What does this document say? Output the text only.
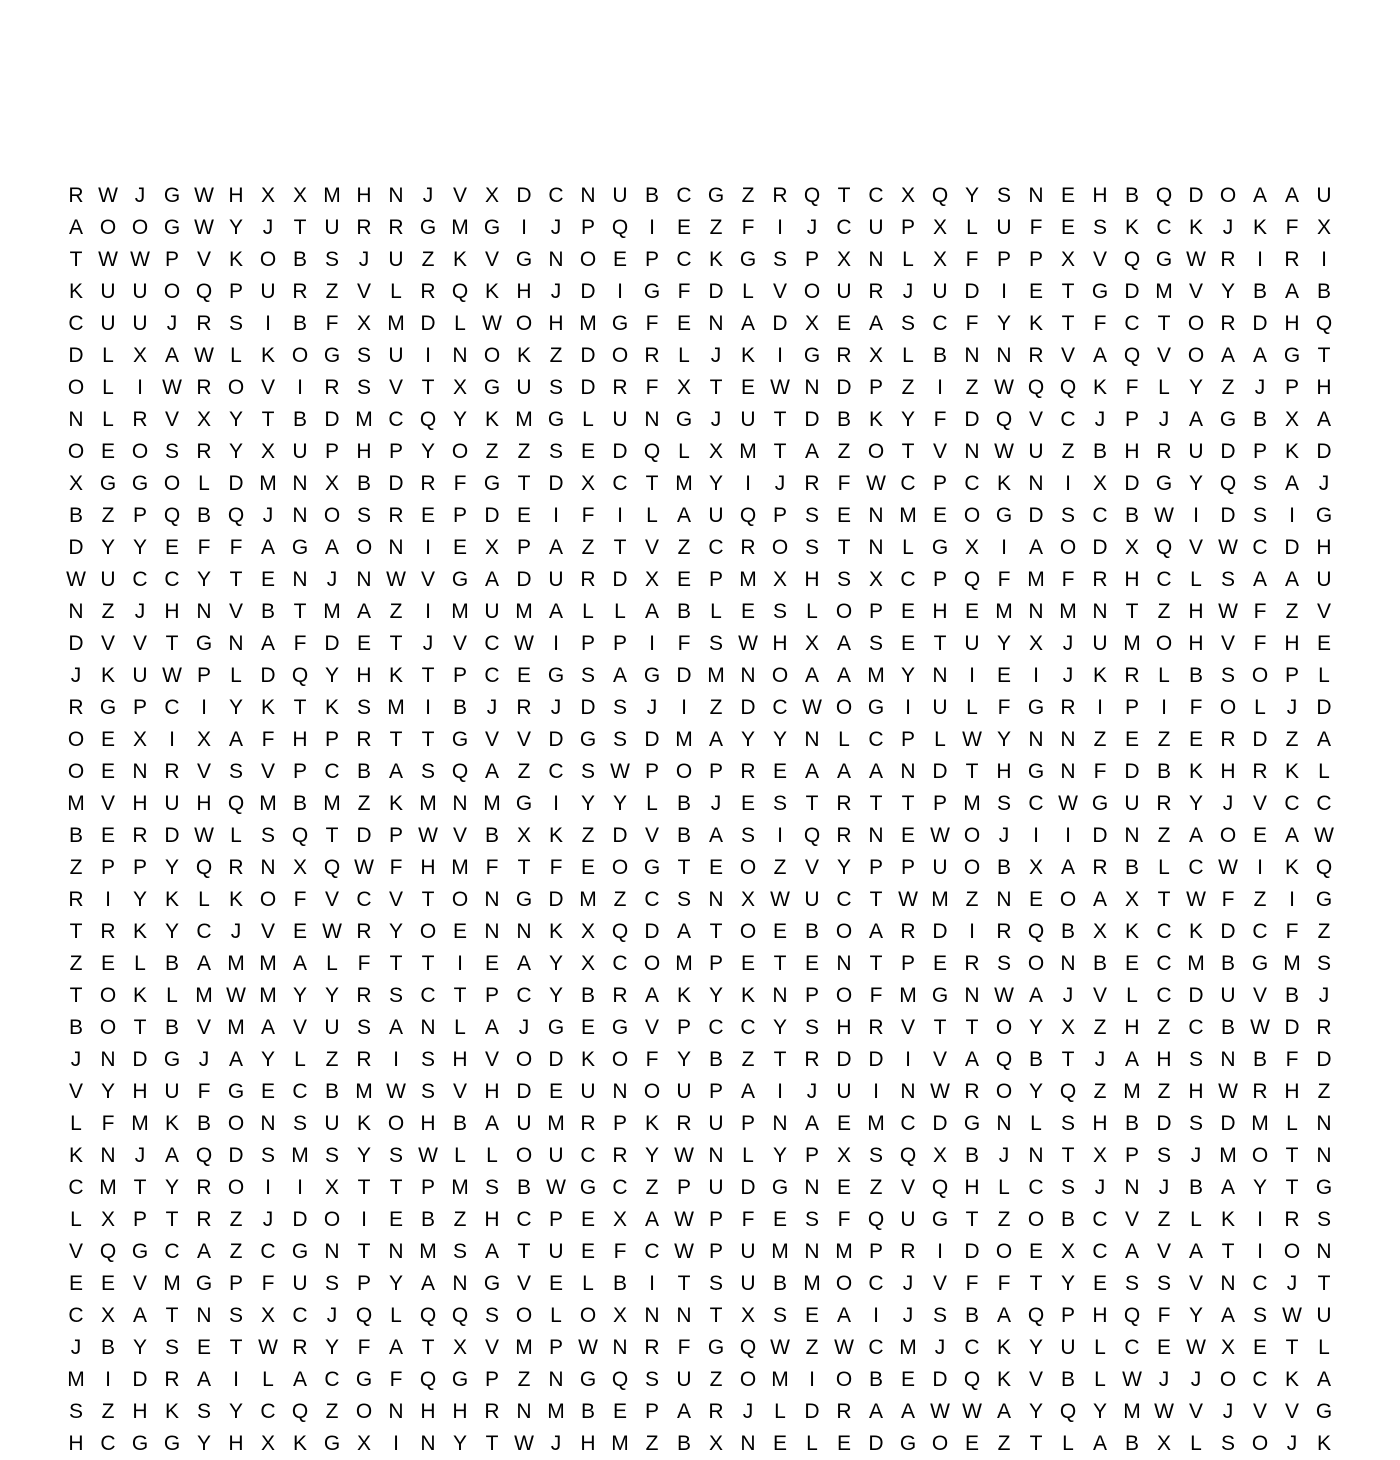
R W J G W H X X M H N J V X D C N U B C G Z R Q T C X Q Y S N E H B Q D O A A U
A O O G W Y J T U R R G M G I	J P Q I	E Z F	I	J C U P X L U F E S K C K J K F X
T W W P V K O B S J U Z K V G N O E P C K G S P X N L X F P P X V Q G W R	I	R	I
K U U O Q P U R Z V L R Q K H J D	I G F D L V O U R J U D	I	E T G D M V Y B A B
C U U J R S	I	B F X M D L W O H M G F E N A D X E A S C F Y K T F C T O R D H Q
D L X A W L K O G S U	I	N O K Z D O R L J K	I G R X L B N N R V A Q V O A A G T
O L	I W R O V	I	R S V T X G U S D R F X T E W N D P Z	I	Z W Q Q K F L Y Z J P H
N L R V X Y T B D M C Q Y K M G L U N G J U T D B K Y F D Q V C J P J A G B X A
O E O S R Y X U P H P Y O Z Z S E D Q L X M T A Z O T V N W U Z B H R U D P K D
X G G O L D M N X B D R F G T D X C T M Y	I	J R F W C P C K N	I	X D G Y Q S A J
B Z P Q B Q J N O S R E P D E	I	F	I	L A U Q P S E N M E O G D S C B W I	D S	I G
D Y Y E F F A G A O N	I	E X P A Z T V Z C R O S T N L G X	I	A O D X Q V W C D H
W U C C Y T E N J N W V G A D U R D X E P M X H S X C P Q F M F R H C L S A A U
N Z J H N V B T M A Z	I M U M A L L A B L E S L O P E H E M N M N T Z H W F Z V
D V V T G N A F D E T J V C W I	P P	I	F S W H X A S E T U Y X J U M O H V F H E
J K U W P L D Q Y H K T P C E G S A G D M N O A A M Y N	I	E	I	J K R L B S O P L
R G P C	I	Y K T K S M I	B J R J D S J	I	Z D C W O G I	U L F G R	I	P	I	F O L J D
O E X	I	X A F H P R T T G V V D G S D M A Y Y N L C P L W Y N N Z E Z E R D Z A
O E N R V S V P C B A S Q A Z C S W P O P R E A A A N D T H G N F D B K H R K L
M V H U H Q M B M Z K M N M G I	Y Y L B J E S T R T T P M S C W G U R Y J V C C
B E R D W L S Q T D P W V B X K Z D V B A S	I Q R N E W O J	I	I	D N Z A O E A W
Z P P Y Q R N X Q W F H M F T F E O G T E O Z V Y P P U O B X A R B L C W I	K Q
R	I	Y K L K O F V C V T O N G D M Z C S N X W U C T W M Z N E O A X T W F Z	I G
T R K Y C J V E W R Y O E N N K X Q D A T O E B O A R D	I	R Q B X K C K D C F Z
Z E L B A M M A L F T T	I	E A Y X C O M P E T E N T P E R S O N B E C M B G M S
T O K L M W M Y Y R S C T P C Y B R A K Y K N P O F M G N W A J V L C D U V B J
B O T B V M A V U S A N L A J G E G V P C C Y S H R V T T O Y X Z H Z C B W D R
J N D G J A Y L Z R	I	S H V O D K O F Y B Z T R D D	I	V A Q B T J A H S N B F D
V Y H U F G E C B M W S V H D E U N O U P A	I	J U	I	N W R O Y Q Z M Z H W R H Z
L F M K B O N S U K O H B A U M R P K R U P N A E M C D G N L S H B D S D M L N
K N J A Q D S M S Y S W L L O U C R Y W N L Y P X S Q X B J N T X P S J M O T N
C M T Y R O I	I	X T T P M S B W G C Z P U D G N E Z V Q H L C S J N J B A Y T G
L X P T R Z J D O I	E B Z H C P E X A W P F E S F Q U G T Z O B C V Z L K	I	R S
V Q G C A Z C G N T N M S A T U E F C W P U M N M P R	I	D O E X C A V A T	I O N
E E V M G P F U S P Y A N G V E L B	I	T S U B M O C J V F F T Y E S S V N C J T
C X A T N S X C J Q L Q Q S O L O X N N T X S E A	I	J S B A Q P H Q F Y A S W U
J B Y S E T W R Y F A T X V M P W N R F G Q W Z W C M J C K Y U L C E W X E T L
M I	D R A	I	L A C G F Q G P Z N G Q S U Z O M I O B E D Q K V B L W J	J O C K A
S Z H K S Y C Q Z O N H H R N M B E P A R J L D R A A W W A Y Q Y M W V J V V G
H C G G Y H X K G X	I	N Y T W J H M Z B X N E L E D G O E Z T L A B X L S O J K
